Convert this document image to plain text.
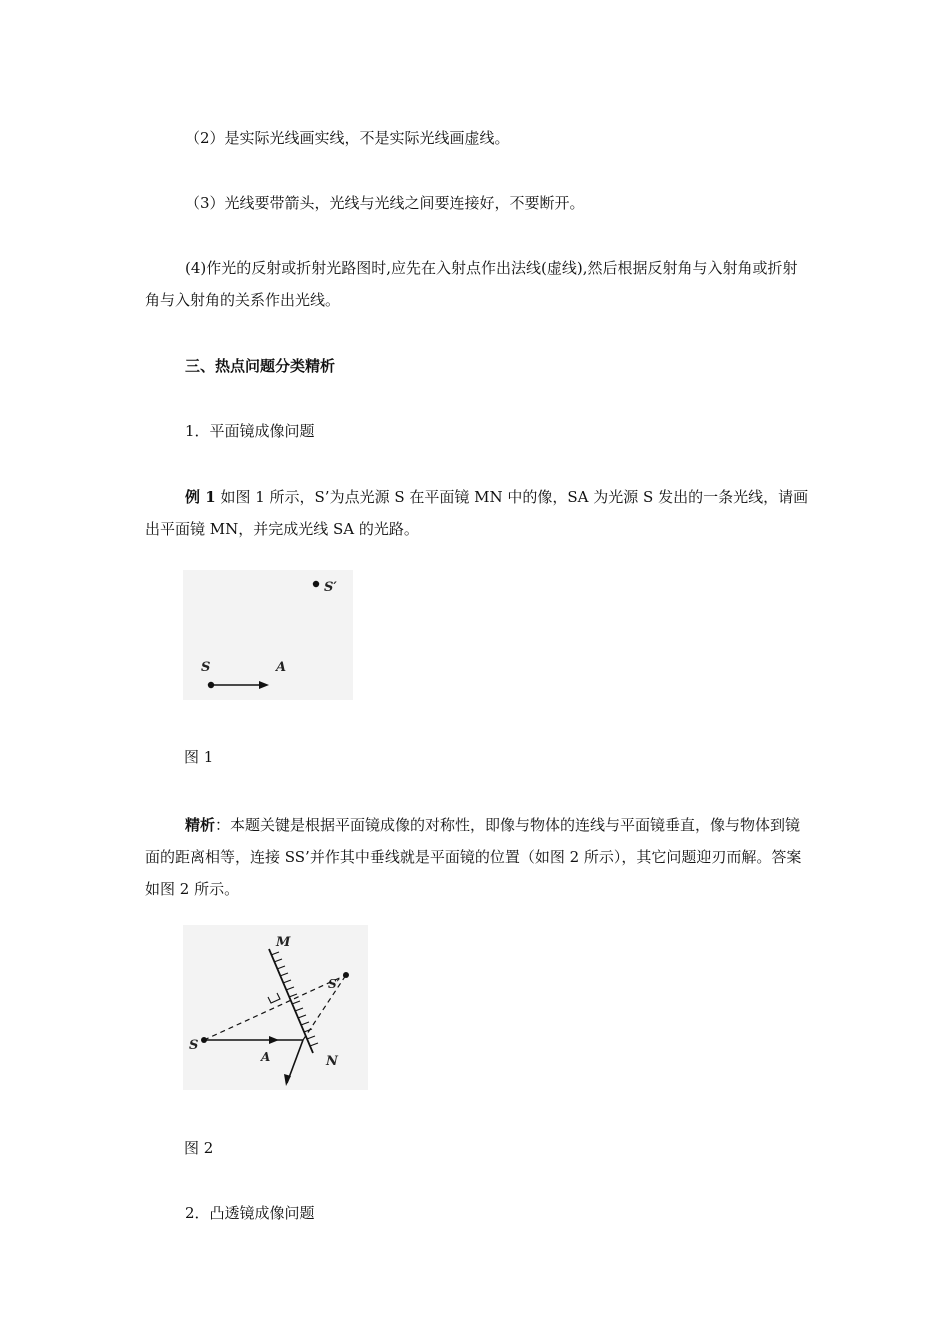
（2）是实际光线画实线，不是实际光线画虚线。

（3）光线要带箭头，光线与光线之间要连接好，不要断开。

(4)作光的反射或折射光路图时,应先在入射点作出法线(虚线),然后根据反射角与入射角或折射角与入射角的关系作出光线。

三、热点问题分类精析

1．平面镜成像问题

例 1 如图 1 所示，S’为点光源 S 在平面镜 MN 中的像，SA 为光源 S 发出的一条光线，请画出平面镜 MN，并完成光线 SA 的光路。

S′
S	A

图 1

精析：本题关键是根据平面镜成像的对称性，即像与物体的连线与平面镜垂直，像与物体到镜面的距离相等，连接 SS’并作其中垂线就是平面镜的位置（如图 2 所示），其它问题迎刃而解。答案如图 2 所示。

M
S′
S
A	N

图 2

2．凸透镜成像问题
